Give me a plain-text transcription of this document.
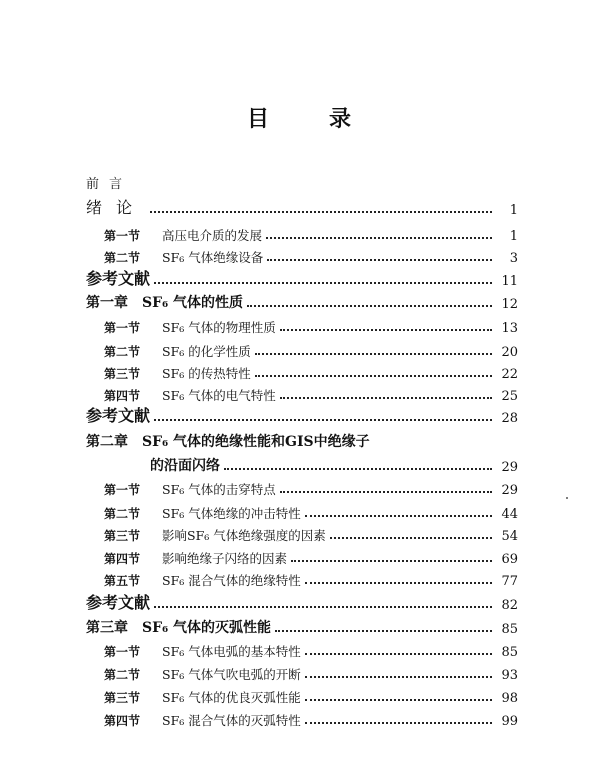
目	录
前言
绪论	1
第一节 高压电介质的发展	1
第二节 SF₆ 气体绝缘设备	3
参考文献	11
第一章　SF₆ 气体的性质	12
第一节 SF₆ 气体的物理性质	13
第二节 SF₆ 的化学性质	20
第三节 SF₆ 的传热特性	22
第四节 SF₆ 气体的电气特性	25
参考文献	28
第二章　SF₆ 气体的绝缘性能和GIS中绝缘子
的沿面闪络	29
第一节 SF₆ 气体的击穿特点	29
第二节 SF₆ 气体绝缘的冲击特性	44
第三节 影响SF₆ 气体绝缘强度的因素	54
第四节 影响绝缘子闪络的因素	69
第五节 SF₆ 混合气体的绝缘特性	77
参考文献	82
第三章　SF₆ 气体的灭弧性能	85
第一节 SF₆ 气体电弧的基本特性	85
第二节 SF₆ 气体气吹电弧的开断	93
第三节 SF₆ 气体的优良灭弧性能	98
第四节 SF₆ 混合气体的灭弧特性	99
